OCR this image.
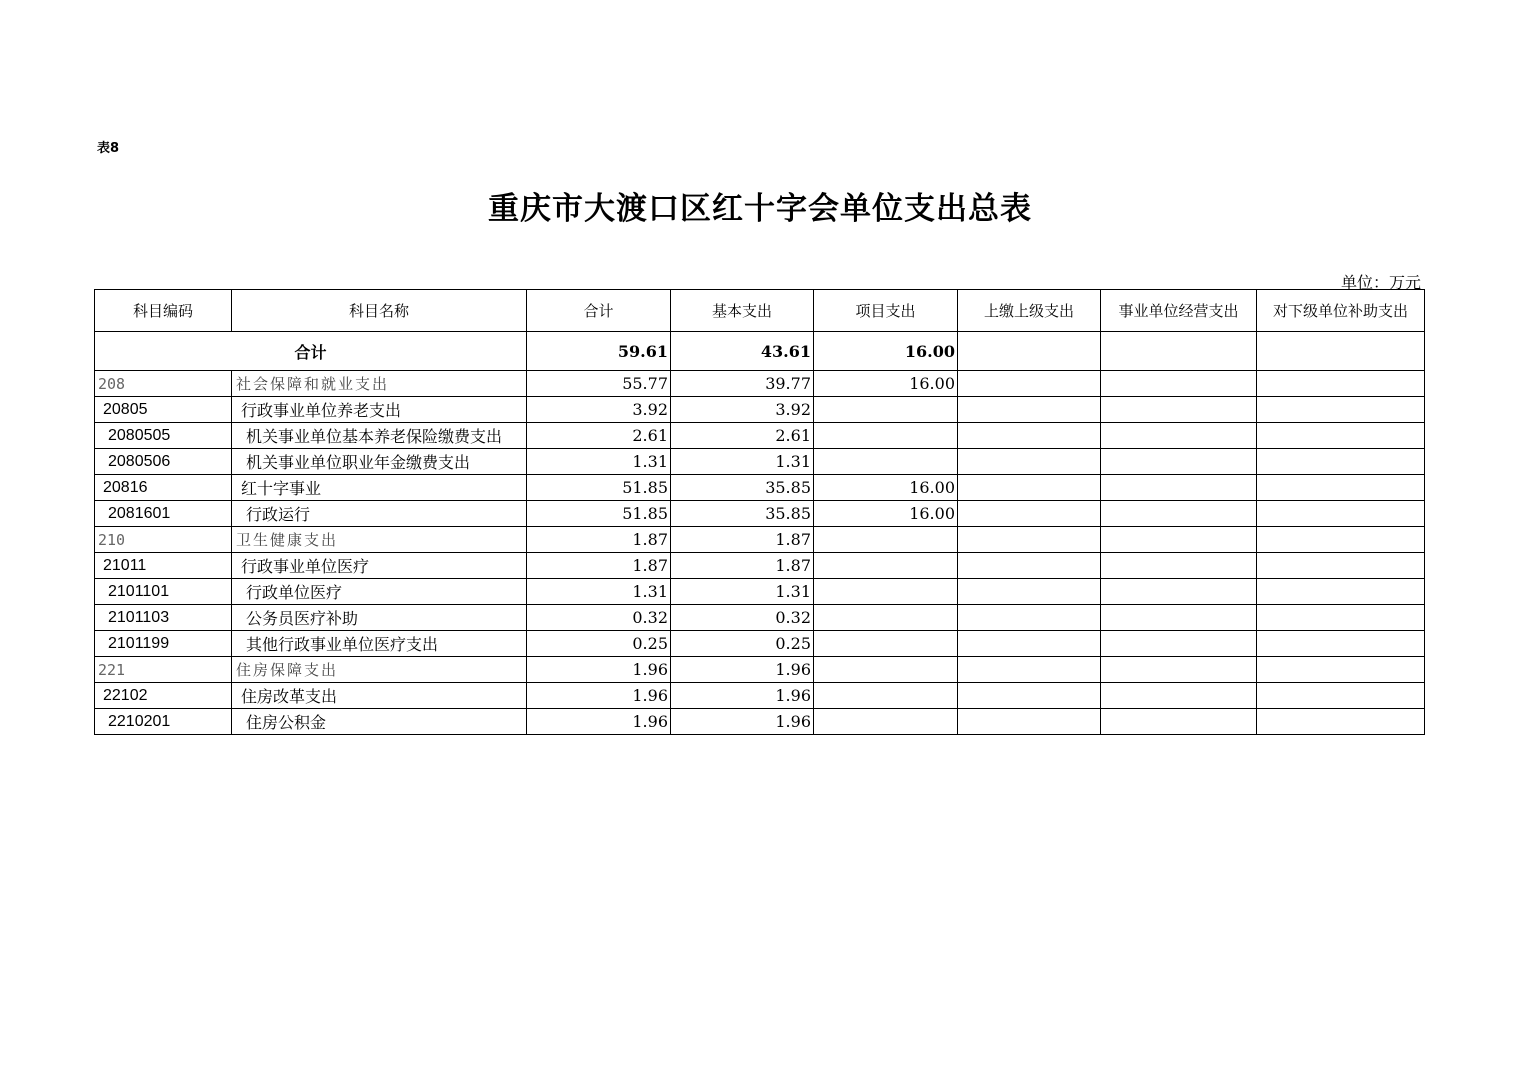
表8
重庆市大渡口区红十字会单位支出总表
单位：万元
科目编码	科目名称	合计	基本支出	项目支出	上缴上级支出	事业单位经营支出	对下级单位补助支出
合计		59.61	43.61	16.00			
208	社会保障和就业支出	55.77	39.77	16.00			
20805	行政事业单位养老支出	3.92	3.92				
2080505	机关事业单位基本养老保险缴费支出	2.61	2.61				
2080506	机关事业单位职业年金缴费支出	1.31	1.31				
20816	红十字事业	51.85	35.85	16.00			
2081601	行政运行	51.85	35.85	16.00			
210	卫生健康支出	1.87	1.87				
21011	行政事业单位医疗	1.87	1.87				
2101101	行政单位医疗	1.31	1.31				
2101103	公务员医疗补助	0.32	0.32				
2101199	其他行政事业单位医疗支出	0.25	0.25				
221	住房保障支出	1.96	1.96				
22102	住房改革支出	1.96	1.96				
2210201	住房公积金	1.96	1.96				
